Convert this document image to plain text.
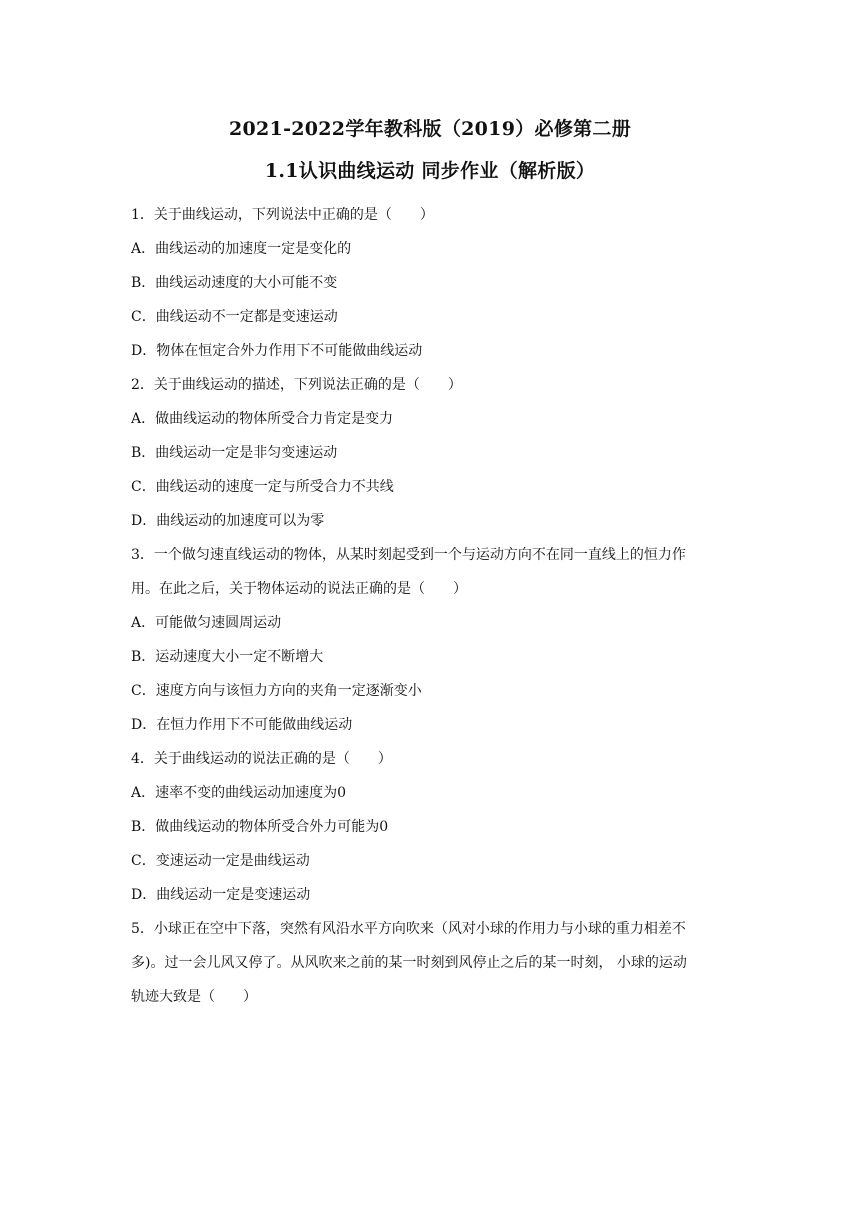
2021-2022学年教科版（2019）必修第二册
1.1认识曲线运动 同步作业（解析版）
1．关于曲线运动，下列说法中正确的是（　　）
A．曲线运动的加速度一定是变化的
B．曲线运动速度的大小可能不变
C．曲线运动不一定都是变速运动
D．物体在恒定合外力作用下不可能做曲线运动
2．关于曲线运动的描述，下列说法正确的是（　　）
A．做曲线运动的物体所受合力肯定是变力
B．曲线运动一定是非匀变速运动
C．曲线运动的速度一定与所受合力不共线
D．曲线运动的加速度可以为零
3．一个做匀速直线运动的物体，从某时刻起受到一个与运动方向不在同一直线上的恒力作
用。在此之后，关于物体运动的说法正确的是（　　）
A．可能做匀速圆周运动
B．运动速度大小一定不断增大
C．速度方向与该恒力方向的夹角一定逐渐变小
D．在恒力作用下不可能做曲线运动
4．关于曲线运动的说法正确的是（　　）
A．速率不变的曲线运动加速度为0
B．做曲线运动的物体所受合外力可能为0
C．变速运动一定是曲线运动
D．曲线运动一定是变速运动
5．小球正在空中下落，突然有风沿水平方向吹来（风对小球的作用力与小球的重力相差不
多)。过一会儿风又停了。从风吹来之前的某一时刻到风停止之后的某一时刻， 小球的运动
轨迹大致是（　　）
